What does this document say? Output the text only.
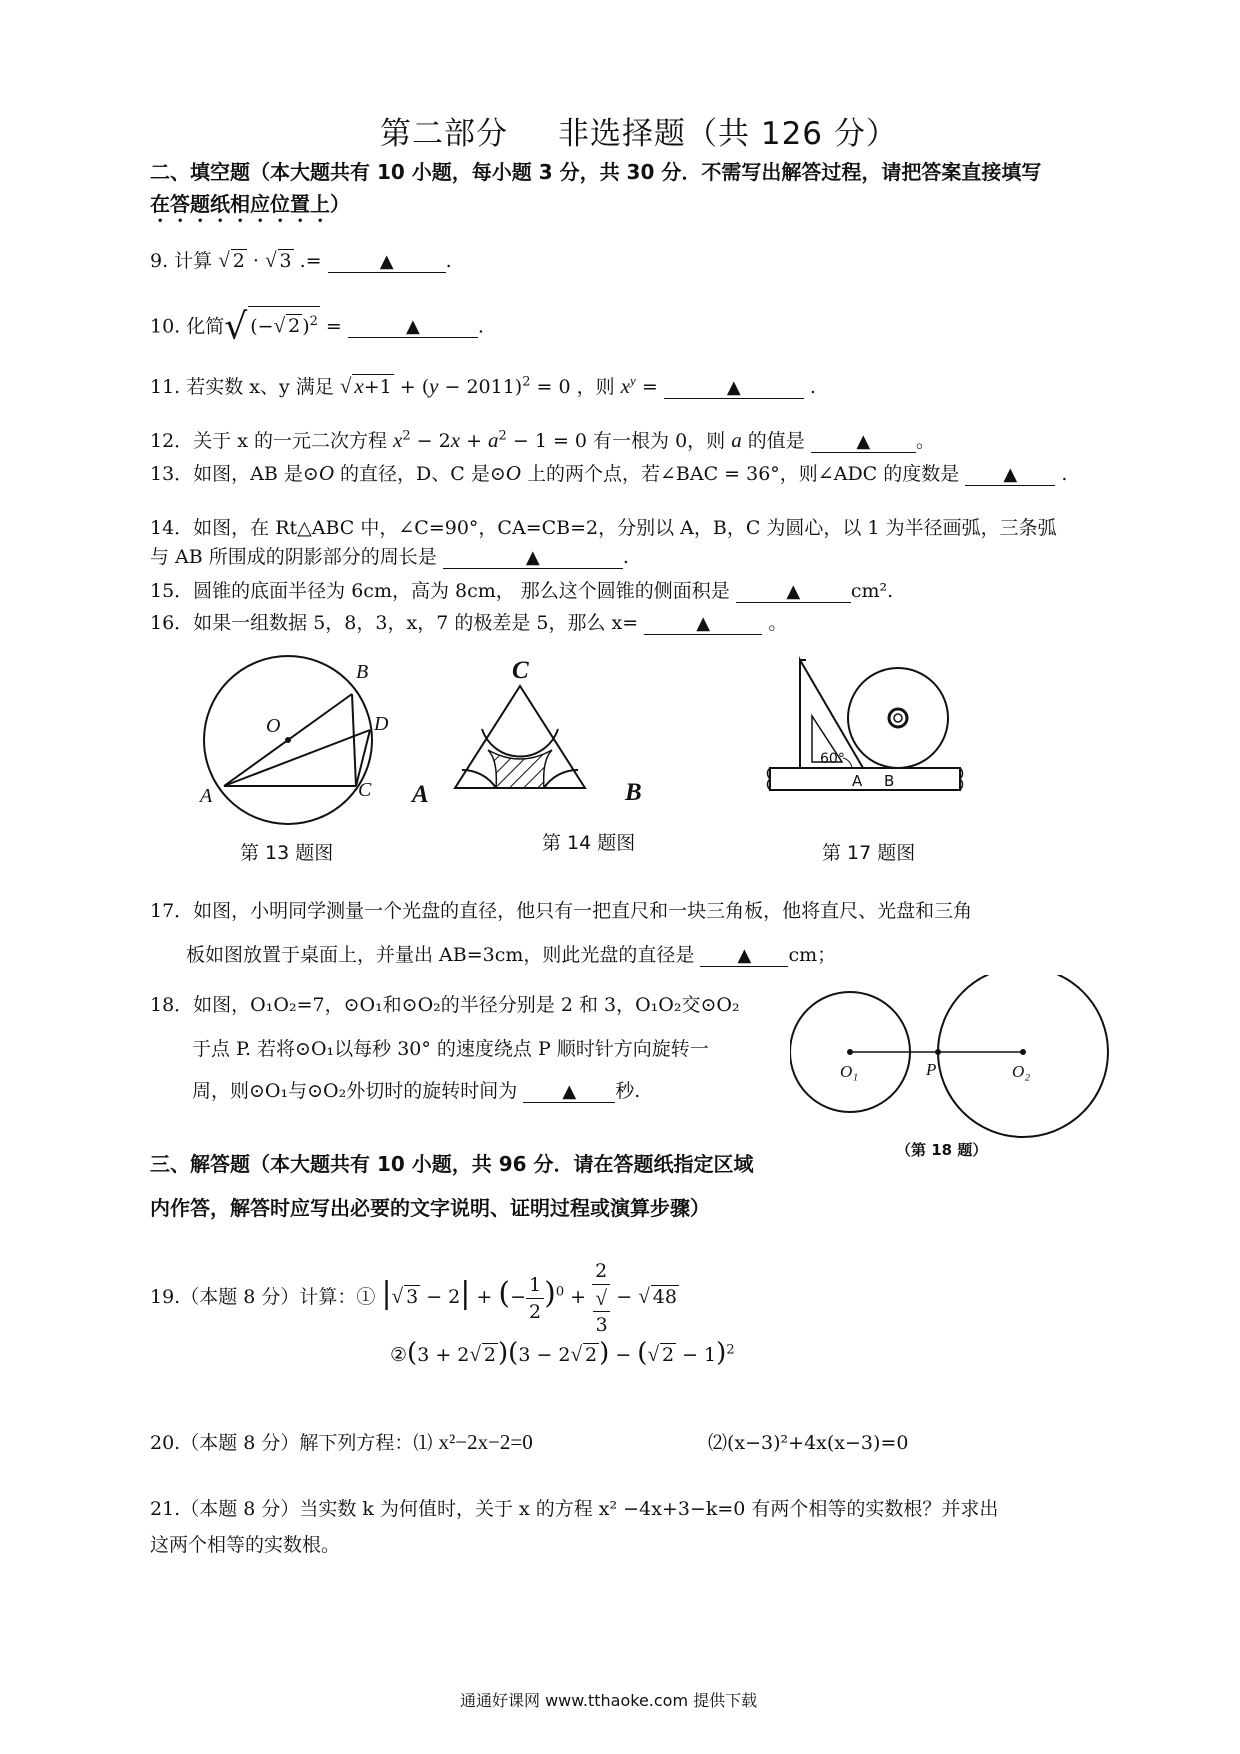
第二部分 非选择题（共 126 分）
二、填空题（本大题共有 10 小题，每小题 3 分，共 30 分．不需写出解答过程，请把答案直接填写
在答题纸相应位置上）
9. 计算 √ 2 · √ 3 .=	▲	.
10. 化简√ (−√ 2 )$^2$ =	▲	.
11. 若实数 x、y 满足 √ $x+1 + (y - 2011)^2 = 0$ ，则 $x^y$ =	▲	.
12．关于 x 的一元二次方程 $x^2 - 2x + a^2 - 1 = 0$ 有一根为 0，则 a 的值是	▲ 。
13．如图，AB 是⊙O 的直径，D、C 是⊙O 上的两个点，若∠BAC = 36°，则∠ADC 的度数是 ▲ .
14．如图，在 Rt△ABC 中，∠C=90°，CA=CB=2，分别以 A，B，C 为圆心，以 1 为半径画弧，三条弧
与 AB 所围成的阴影部分的周长是	▲	.
15．圆锥的底面半径为 6cm，高为 8cm， 那么这个圆锥的侧面积是	▲	cm².
16．如果一组数据 5，8，3，x，7 的极差是 5，那么 x=	▲	。
B
O	D
A	C
C
A	B
60°
A B
第 13 题图	第 14 题图	第 17 题图
17．如图，小明同学测量一个光盘的直径，他只有一把直尺和一块三角板，他将直尺、光盘和三角
板如图放置于桌面上，并量出 AB=3cm，则此光盘的直径是 ▲ cm；
18．如图，O₁O₂=7，⊙O₁和⊙O₂的半径分别是 2 和 3，O₁O₂交⊙O₂
于点 P. 若将⊙O₁以每秒 30° 的速度绕点 P 顺时针方向旋转一
周，则⊙O₁与⊙O₂外切时的旋转时间为	▲ 秒.
O₁	P	O₂
（第 18 题）
三、解答题（本大题共有 10 小题，共 96 分．请在答题纸指定区域
内作答，解答时应写出必要的文字说明、证明过程或演算步骤）
19.（本题 8 分）计算：① |√ 3 − 2| + (− $\frac{1}{2} )^0 + 2$
√
3 − √ 48
②(3 + 2√ 2)(3 − 2√ 2) − (√ 2 − 1)$^2$
20.（本题 8 分）解下列方程：⑴ x²−2x−2=0	⑵(x−3)²+4x(x−3)=0
21.（本题 8 分）当实数 k 为何值时，关于 x 的方程 x² −4x+3−k=0 有两个相等的实数根？并求出
这两个相等的实数根。
通通好课网 www.tthaoke.com 提供下载
